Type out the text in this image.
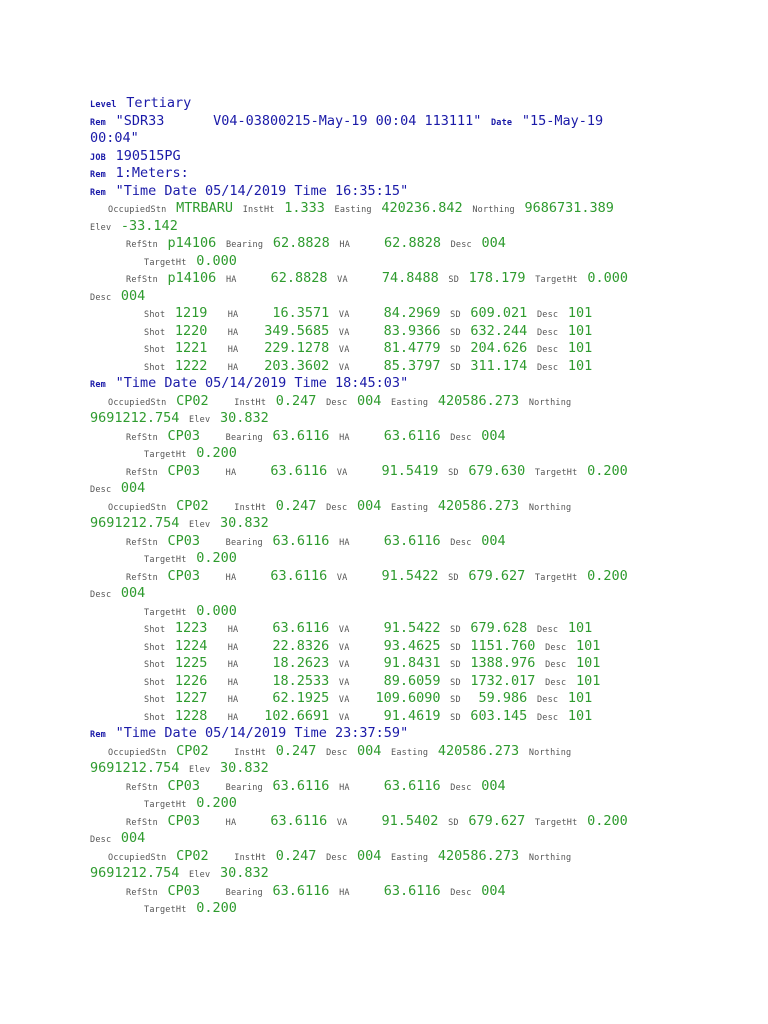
Level Tertiary
Rem "SDR33      V04-03800215-May-19 00:04 113111" Date "15-May-19
00:04"
JOB 190515PG
Rem 1:Meters:
Rem "Time Date 05/14/2019 Time 16:35:15"
OccupiedStn MTRBARU InstHt 1.333 Easting 420236.842 Northing 9686731.389
Elev -33.142
RefStn p14106 Bearing 62.8828 HA    62.8828 Desc 004
TargetHt 0.000
RefStn p14106 HA    62.8828 VA    74.8488 SD 178.179 TargetHt 0.000
Desc 004
Shot 1219   HA    16.3571 VA    84.2969 SD 609.021 Desc 101
Shot 1220   HA   349.5685 VA    83.9366 SD 632.244 Desc 101
Shot 1221   HA   229.1278 VA    81.4779 SD 204.626 Desc 101
Shot 1222   HA   203.3602 VA    85.3797 SD 311.174 Desc 101
Rem "Time Date 05/14/2019 Time 18:45:03"
OccupiedStn CP02    InstHt 0.247 Desc 004 Easting 420586.273 Northing
9691212.754 Elev 30.832
RefStn CP03    Bearing 63.6116 HA    63.6116 Desc 004
TargetHt 0.200
RefStn CP03    HA    63.6116 VA    91.5419 SD 679.630 TargetHt 0.200
Desc 004
OccupiedStn CP02    InstHt 0.247 Desc 004 Easting 420586.273 Northing
9691212.754 Elev 30.832
RefStn CP03    Bearing 63.6116 HA    63.6116 Desc 004
TargetHt 0.200
RefStn CP03    HA    63.6116 VA    91.5422 SD 679.627 TargetHt 0.200
Desc 004
TargetHt 0.000
Shot 1223   HA    63.6116 VA    91.5422 SD 679.628 Desc 101
Shot 1224   HA    22.8326 VA    93.4625 SD 1151.760 Desc 101
Shot 1225   HA    18.2623 VA    91.8431 SD 1388.976 Desc 101
Shot 1226   HA    18.2533 VA    89.6059 SD 1732.017 Desc 101
Shot 1227   HA    62.1925 VA   109.6090 SD  59.986 Desc 101
Shot 1228   HA   102.6691 VA    91.4619 SD 603.145 Desc 101
Rem "Time Date 05/14/2019 Time 23:37:59"
OccupiedStn CP02    InstHt 0.247 Desc 004 Easting 420586.273 Northing
9691212.754 Elev 30.832
RefStn CP03    Bearing 63.6116 HA    63.6116 Desc 004
TargetHt 0.200
RefStn CP03    HA    63.6116 VA    91.5402 SD 679.627 TargetHt 0.200
Desc 004
OccupiedStn CP02    InstHt 0.247 Desc 004 Easting 420586.273 Northing
9691212.754 Elev 30.832
RefStn CP03    Bearing 63.6116 HA    63.6116 Desc 004
TargetHt 0.200
